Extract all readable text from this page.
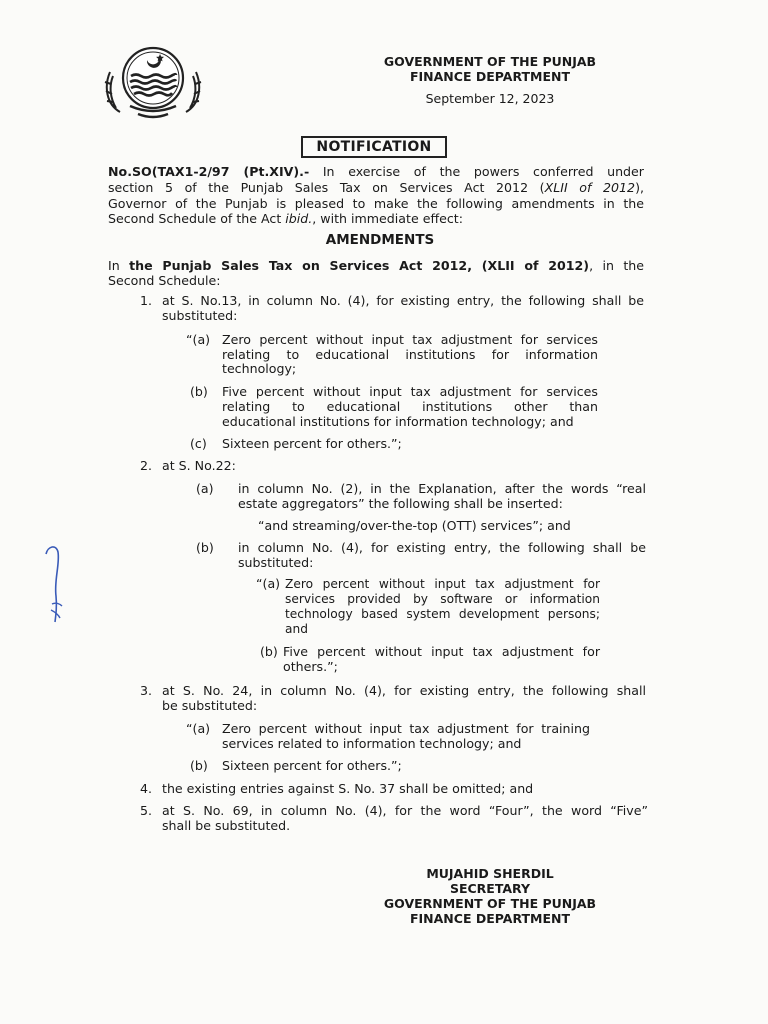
GOVERNMENT OF THE PUNJAB
FINANCE DEPARTMENT
September 12, 2023
NOTIFICATION
No.SO(TAX1-2/97 (Pt.XIV).- In exercise of the powers conferred under
section 5 of the Punjab Sales Tax on Services Act 2012 (XLII of 2012),
Governor of the Punjab is pleased to make the following amendments in the
Second Schedule of the Act ibid., with immediate effect:
AMENDMENTS
In the Punjab Sales Tax on Services Act 2012, (XLII of 2012), in the
Second Schedule:
1. at S. No.13, in column No. (4), for existing entry, the following shall be
substituted:
“(a) Zero percent without input tax adjustment for services
relating to educational institutions for information
technology;
(b) Five percent without input tax adjustment for services
relating to educational institutions other than
educational institutions for information technology; and
(c) Sixteen percent for others.”;
2. at S. No.22:
(a) in column No. (2), in the Explanation, after the words “real
estate aggregators” the following shall be inserted:
“and streaming/over-the-top (OTT) services”; and
(b) in column No. (4), for existing entry, the following shall be
substituted:
“(a) Zero percent without input tax adjustment for
services provided by software or information
technology based system development persons;
and
(b) Five percent without input tax adjustment for
others.”;
3. at S. No. 24, in column No. (4), for existing entry, the following shall
be substituted:
“(a) Zero percent without input tax adjustment for training
services related to information technology; and
(b) Sixteen percent for others.”;
4. the existing entries against S. No. 37 shall be omitted; and
5. at S. No. 69, in column No. (4), for the word “Four”, the word “Five”
shall be substituted.
MUJAHID SHERDIL
SECRETARY
GOVERNMENT OF THE PUNJAB
FINANCE DEPARTMENT
